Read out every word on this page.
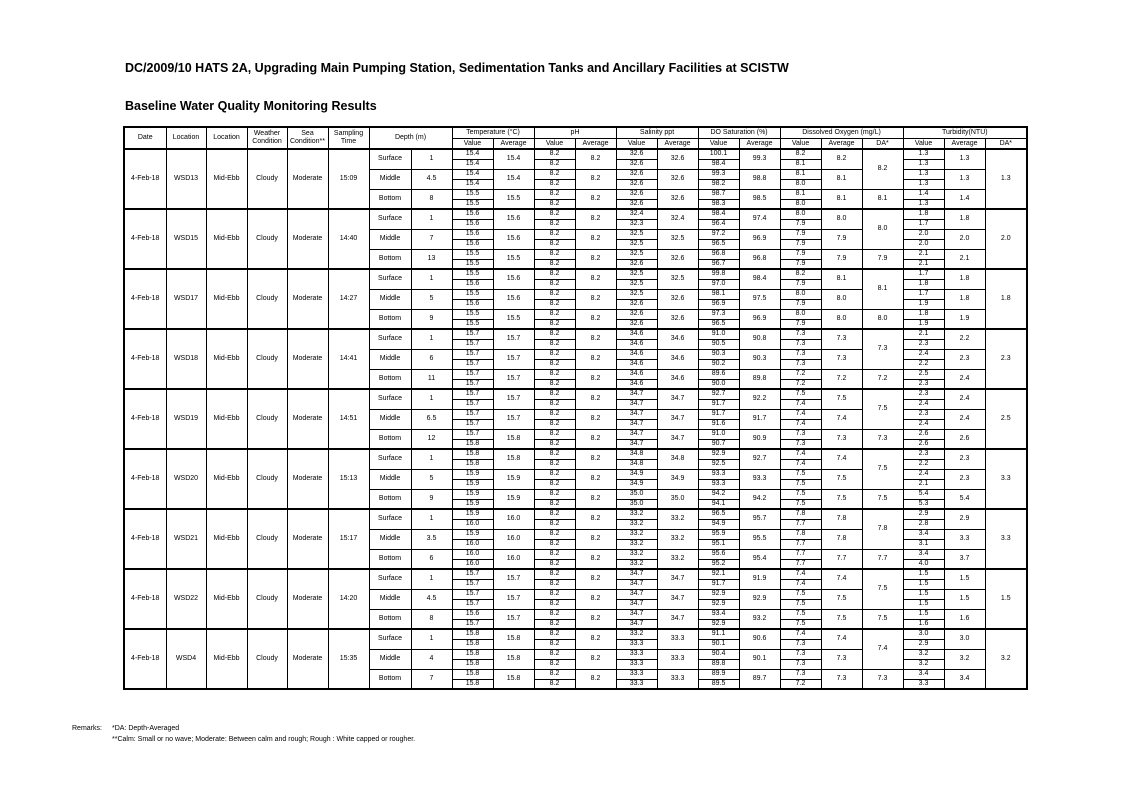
DC/2009/10 HATS 2A, Upgrading Main Pumping Station, Sedimentation Tanks and Ancillary Facilities at SCISTW
Baseline Water Quality Monitoring Results
Date	Location	Location	Weather Condition	Sea Condition**	Sampling Time	Depth (m)		Temperature (°C)		pH		Salinity ppt		DO Saturation (%)		Dissolved Oxygen (mg/L)			Turbidity(NTU)		
								Value	Average	Value	Average	Value	Average	Value	Average	Value	Average	DA*	Value	Average	DA*
4-Feb-18	WSD13	Mid-Ebb	Cloudy	Moderate	15:09	Surface	1	15.4	15.4	8.2	8.2	32.6	32.6	100.1	99.3	8.2	8.2	8.2	1.3	1.3	1.3
								15.4		8.2		32.6		98.4		8.1			1.3		
						Middle	4.5	15.4	15.4	8.2	8.2	32.6	32.6	99.3	98.8	8.1	8.1		1.3	1.3	
								15.4		8.2		32.6		98.2		8.0			1.3		
						Bottom	8	15.5	15.5	8.2	8.2	32.6	32.6	98.7	98.5	8.1	8.1	8.1	1.4	1.4	
								15.5		8.2		32.6		98.3		8.0			1.3		
4-Feb-18	WSD15	Mid-Ebb	Cloudy	Moderate	14:40	Surface	1	15.6	15.6	8.2	8.2	32.4	32.4	98.4	97.4	8.0	8.0	8.0	1.8	1.8	2.0
								15.6		8.2		32.3		96.4		7.9			1.7		
						Middle	7	15.6	15.6	8.2	8.2	32.5	32.5	97.2	96.9	7.9	7.9		2.0	2.0	
								15.6		8.2		32.5		96.5		7.9			2.0		
						Bottom	13	15.5	15.5	8.2	8.2	32.5	32.6	96.8	96.8	7.9	7.9	7.9	2.1	2.1	
								15.5		8.2		32.6		96.7		7.9			2.1		
4-Feb-18	WSD17	Mid-Ebb	Cloudy	Moderate	14:27	Surface	1	15.5	15.6	8.2	8.2	32.5	32.5	99.8	98.4	8.2	8.1	8.1	1.7	1.8	1.8
								15.6		8.2		32.5		97.0		7.9			1.8		
						Middle	5	15.5	15.6	8.2	8.2	32.5	32.6	98.1	97.5	8.0	8.0		1.7	1.8	
								15.6		8.2		32.6		96.9		7.9			1.9		
						Bottom	9	15.5	15.5	8.2	8.2	32.6	32.6	97.3	96.9	8.0	8.0	8.0	1.8	1.9	
								15.5		8.2		32.6		96.5		7.9			1.9		
4-Feb-18	WSD18	Mid-Ebb	Cloudy	Moderate	14:41	Surface	1	15.7	15.7	8.2	8.2	34.6	34.6	91.0	90.8	7.3	7.3	7.3	2.1	2.2	2.3
								15.7		8.2		34.6		90.5		7.3			2.3		
						Middle	6	15.7	15.7	8.2	8.2	34.6	34.6	90.3	90.3	7.3	7.3		2.4	2.3	
								15.7		8.2		34.6		90.2		7.3			2.2		
						Bottom	11	15.7	15.7	8.2	8.2	34.6	34.6	89.6	89.8	7.2	7.2	7.2	2.5	2.4	
								15.7		8.2		34.6		90.0		7.2			2.3		
4-Feb-18	WSD19	Mid-Ebb	Cloudy	Moderate	14:51	Surface	1	15.7	15.7	8.2	8.2	34.7	34.7	92.7	92.2	7.5	7.5	7.5	2.3	2.4	2.5
								15.7		8.2		34.7		91.7		7.4			2.4		
						Middle	6.5	15.7	15.7	8.2	8.2	34.7	34.7	91.7	91.7	7.4	7.4		2.3	2.4	
								15.7		8.2		34.7		91.6		7.4			2.4		
						Bottom	12	15.7	15.8	8.2	8.2	34.7	34.7	91.0	90.9	7.3	7.3	7.3	2.6	2.6	
								15.8		8.2		34.7		90.7		7.3			2.6		
4-Feb-18	WSD20	Mid-Ebb	Cloudy	Moderate	15:13	Surface	1	15.8	15.8	8.2	8.2	34.8	34.8	92.9	92.7	7.4	7.4	7.5	2.3	2.3	3.3
								15.8		8.2		34.8		92.5		7.4			2.2		
						Middle	5	15.9	15.9	8.2	8.2	34.9	34.9	93.3	93.3	7.5	7.5		2.4	2.3	
								15.9		8.2		34.9		93.3		7.5			2.1		
						Bottom	9	15.9	15.9	8.2	8.2	35.0	35.0	94.2	94.2	7.5	7.5	7.5	5.4	5.4	
								15.9		8.2		35.0		94.1		7.5			5.3		
4-Feb-18	WSD21	Mid-Ebb	Cloudy	Moderate	15:17	Surface	1	15.9	16.0	8.2	8.2	33.2	33.2	96.5	95.7	7.8	7.8	7.8	2.9	2.9	3.3
								16.0		8.2		33.2		94.9		7.7			2.8		
						Middle	3.5	15.9	16.0	8.2	8.2	33.2	33.2	95.9	95.5	7.8	7.8		3.4	3.3	
								16.0		8.2		33.2		95.1		7.7			3.1		
						Bottom	6	16.0	16.0	8.2	8.2	33.2	33.2	95.6	95.4	7.7	7.7	7.7	3.4	3.7	
								16.0		8.2		33.2		95.2		7.7			4.0		
4-Feb-18	WSD22	Mid-Ebb	Cloudy	Moderate	14:20	Surface	1	15.7	15.7	8.2	8.2	34.7	34.7	92.1	91.9	7.4	7.4	7.5	1.5	1.5	1.5
								15.7		8.2		34.7		91.7		7.4			1.5		
						Middle	4.5	15.7	15.7	8.2	8.2	34.7	34.7	92.9	92.9	7.5	7.5		1.5	1.5	
								15.7		8.2		34.7		92.9		7.5			1.5		
						Bottom	8	15.6	15.7	8.2	8.2	34.7	34.7	93.4	93.2	7.5	7.5	7.5	1.5	1.6	
								15.7		8.2		34.7		92.9		7.5			1.6		
4-Feb-18	WSD4	Mid-Ebb	Cloudy	Moderate	15:35	Surface	1	15.8	15.8	8.2	8.2	33.2	33.3	91.1	90.6	7.4	7.4	7.4	3.0	3.0	3.2
								15.8		8.2		33.3		90.1		7.3			2.9		
						Middle	4	15.8	15.8	8.2	8.2	33.3	33.3	90.4	90.1	7.3	7.3		3.2	3.2	
								15.8		8.2		33.3		89.8		7.3			3.2		
						Bottom	7	15.8	15.8	8.2	8.2	33.3	33.3	89.9	89.7	7.3	7.3	7.3	3.4	3.4	
								15.8		8.2		33.3		89.5		7.2			3.3		
Remarks: *DA: Depth-Averaged
**Calm: Small or no wave; Moderate: Between calm and rough; Rough : White capped or rougher.
